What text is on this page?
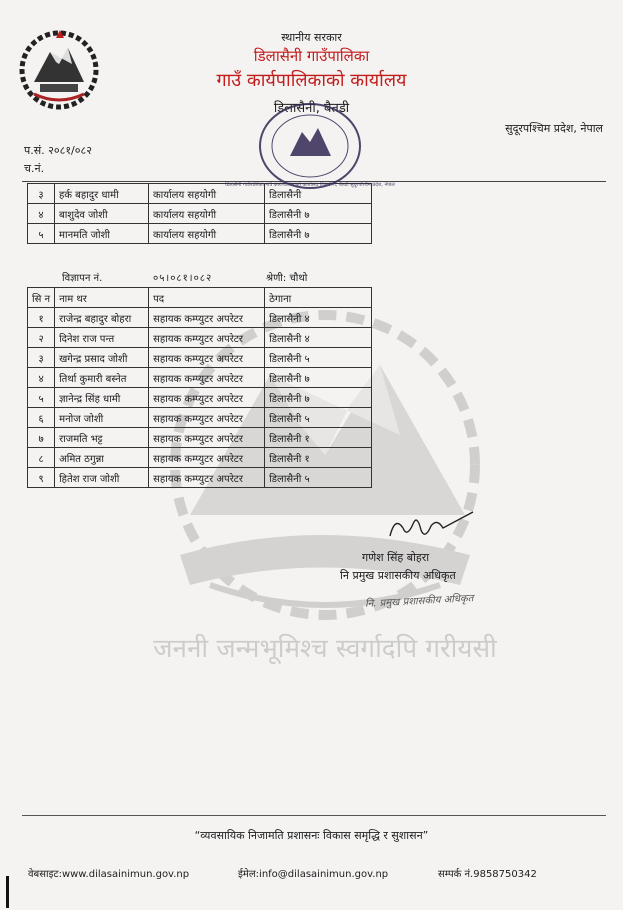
जननी जन्मभूमिश्च स्वर्गादपि गरीयसी
स्थानीय सरकार
डिलासैनी गाउँपालिका
गाउँ कार्यपालिकाको कार्यालय
डिलासैनी, बैतडी
सुदूरपश्चिम प्रदेश, नेपाल
प.सं. २०८१/०८२
च.नं.
३	हर्क बहादुर धामी	कार्यालय सहयोगी	डिलासैनी
४	बाशुदेव जोशी	कार्यालय सहयोगी	डिलासैनी ७
५	मानमति जोशी	कार्यालय सहयोगी	डिलासैनी ७
डिलासैनी गाउँपालिका गाउँ कार्यपालिकाको कार्यालय डिलासैनी, बैतडी सुदूरपश्चिम प्रदेश, नेपाल
विज्ञापन नं.	०५।०८१।०८२	श्रेणी: चौथो
सि न	नाम थर	पद	ठेगाना
१	राजेन्द्र बहादुर बोहरा	सहायक कम्प्युटर अपरेटर	डिलासैनी ४
२	दिनेश राज पन्त	सहायक कम्प्युटर अपरेटर	डिलासैनी ४
३	खगेन्द्र प्रसाद जोशी	सहायक कम्प्युटर अपरेटर	डिलासैनी ५
४	तिर्था कुमारी बस्नेत	सहायक कम्प्युटर अपरेटर	डिलासैनी ७
५	ज्ञानेन्द्र सिंह धामी	सहायक कम्प्युटर अपरेटर	डिलासैनी ७
६	मनोज जोशी	सहायक कम्प्युटर अपरेटर	डिलासैनी ५
७	राजमति भट्ट	सहायक कम्प्युटर अपरेटर	डिलासैनी १
८	अमित ठगुन्ना	सहायक कम्प्युटर अपरेटर	डिलासैनी १
९	हितेश राज जोशी	सहायक कम्प्युटर अपरेटर	डिलासैनी ५
गणेश सिंह बोहरा
नि प्रमुख प्रशासकीय अधिकृत
नि. प्रमुख प्रशासकीय अधिकृत
“व्यवसायिक निजामति प्रशासनः विकास समृद्धि र सुशासन”
वेबसाइट:www.dilasainimun.gov.np	ईमेल:info@dilasainimun.gov.np	सम्पर्क नं.9858750342
